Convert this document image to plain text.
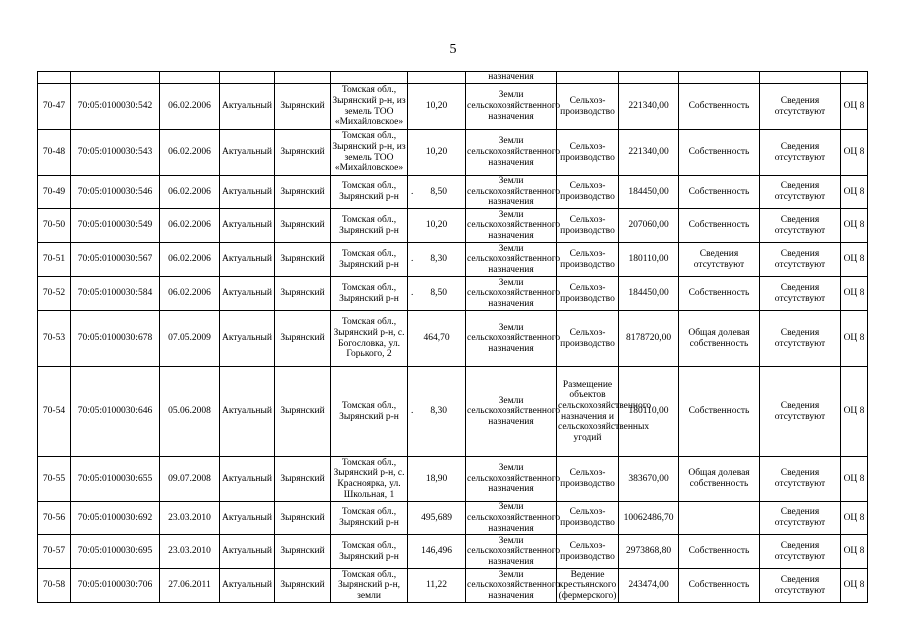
5
							назначения					
70-47	70:05:0100030:542	06.02.2006	Актуальный	Зырянский	Томская обл., Зырянский р-н, из земель ТОО «Михайловское»	10,20	Земли сельскохозяйственного назначения	Сельхоз-производство	221340,00	Собственность	Сведения отсутствуют	ОЦ 8
70-48	70:05:0100030:543	06.02.2006	Актуальный	Зырянский	Томская обл., Зырянский р-н, из земель ТОО «Михайловское»	10,20	Земли сельскохозяйственного назначения	Сельхоз-производство	221340,00	Собственность	Сведения отсутствуют	ОЦ 8
70-49	70:05:0100030:546	06.02.2006	Актуальный	Зырянский	Томская обл., Зырянский р-н	. 8,50	Земли сельскохозяйственного назначения	Сельхоз-производство	184450,00	Собственность	Сведения отсутствуют	ОЦ 8
70-50	70:05:0100030:549	06.02.2006	Актуальный	Зырянский	Томская обл., Зырянский р-н	10,20	Земли сельскохозяйственного назначения	Сельхоз-производство	207060,00	Собственность	Сведения отсутствуют	ОЦ 8
70-51	70:05:0100030:567	06.02.2006	Актуальный	Зырянский	Томская обл., Зырянский р-н	. 8,30	Земли сельскохозяйственного назначения	Сельхоз-производство	180110,00	Сведения отсутствуют	Сведения отсутствуют	ОЦ 8
70-52	70:05:0100030:584	06.02.2006	Актуальный	Зырянский	Томская обл., Зырянский р-н	. 8,50	Земли сельскохозяйственного назначения	Сельхоз-производство	184450,00	Собственность	Сведения отсутствуют	ОЦ 8
70-53	70:05:0100030:678	07.05.2009	Актуальный	Зырянский	Томская обл., Зырянский р-н, с. Богословка, ул. Горького, 2	464,70	Земли сельскохозяйственного назначения	Сельхоз-производство	8178720,00	Общая долевая собственность	Сведения отсутствуют	ОЦ 8
70-54	70:05:0100030:646	05.06.2008	Актуальный	Зырянский	Томская обл., Зырянский р-н	. 8,30	Земли сельскохозяйственного назначения	Размещение объектов сельскохозяйственного назначения и сельскохозяйственных угодий	180110,00	Собственность	Сведения отсутствуют	ОЦ 8
70-55	70:05:0100030:655	09.07.2008	Актуальный	Зырянский	Томская обл., Зырянский р-н, с. Красноярка, ул. Школьная, 1	18,90	Земли сельскохозяйственного назначения	Сельхоз-производство	383670,00	Общая долевая собственность	Сведения отсутствуют	ОЦ 8
70-56	70:05:0100030:692	23.03.2010	Актуальный	Зырянский	Томская обл., Зырянский р-н	495,689	Земли сельскохозяйственного назначения	Сельхоз-производство	10062486,70		Сведения отсутствуют	ОЦ 8
70-57	70:05:0100030:695	23.03.2010	Актуальный	Зырянский	Томская обл., Зырянский р-н	146,496	Земли сельскохозяйственного назначения	Сельхоз-производство	2973868,80	Собственность	Сведения отсутствуют	ОЦ 8
70-58	70:05:0100030:706	27.06.2011	Актуальный	Зырянский	Томская обл., Зырянский р-н, земли	11,22	Земли сельскохозяйственного назначения	Ведение крестьянского (фермерского)	243474,00	Собственность	Сведения отсутствуют	ОЦ 8
